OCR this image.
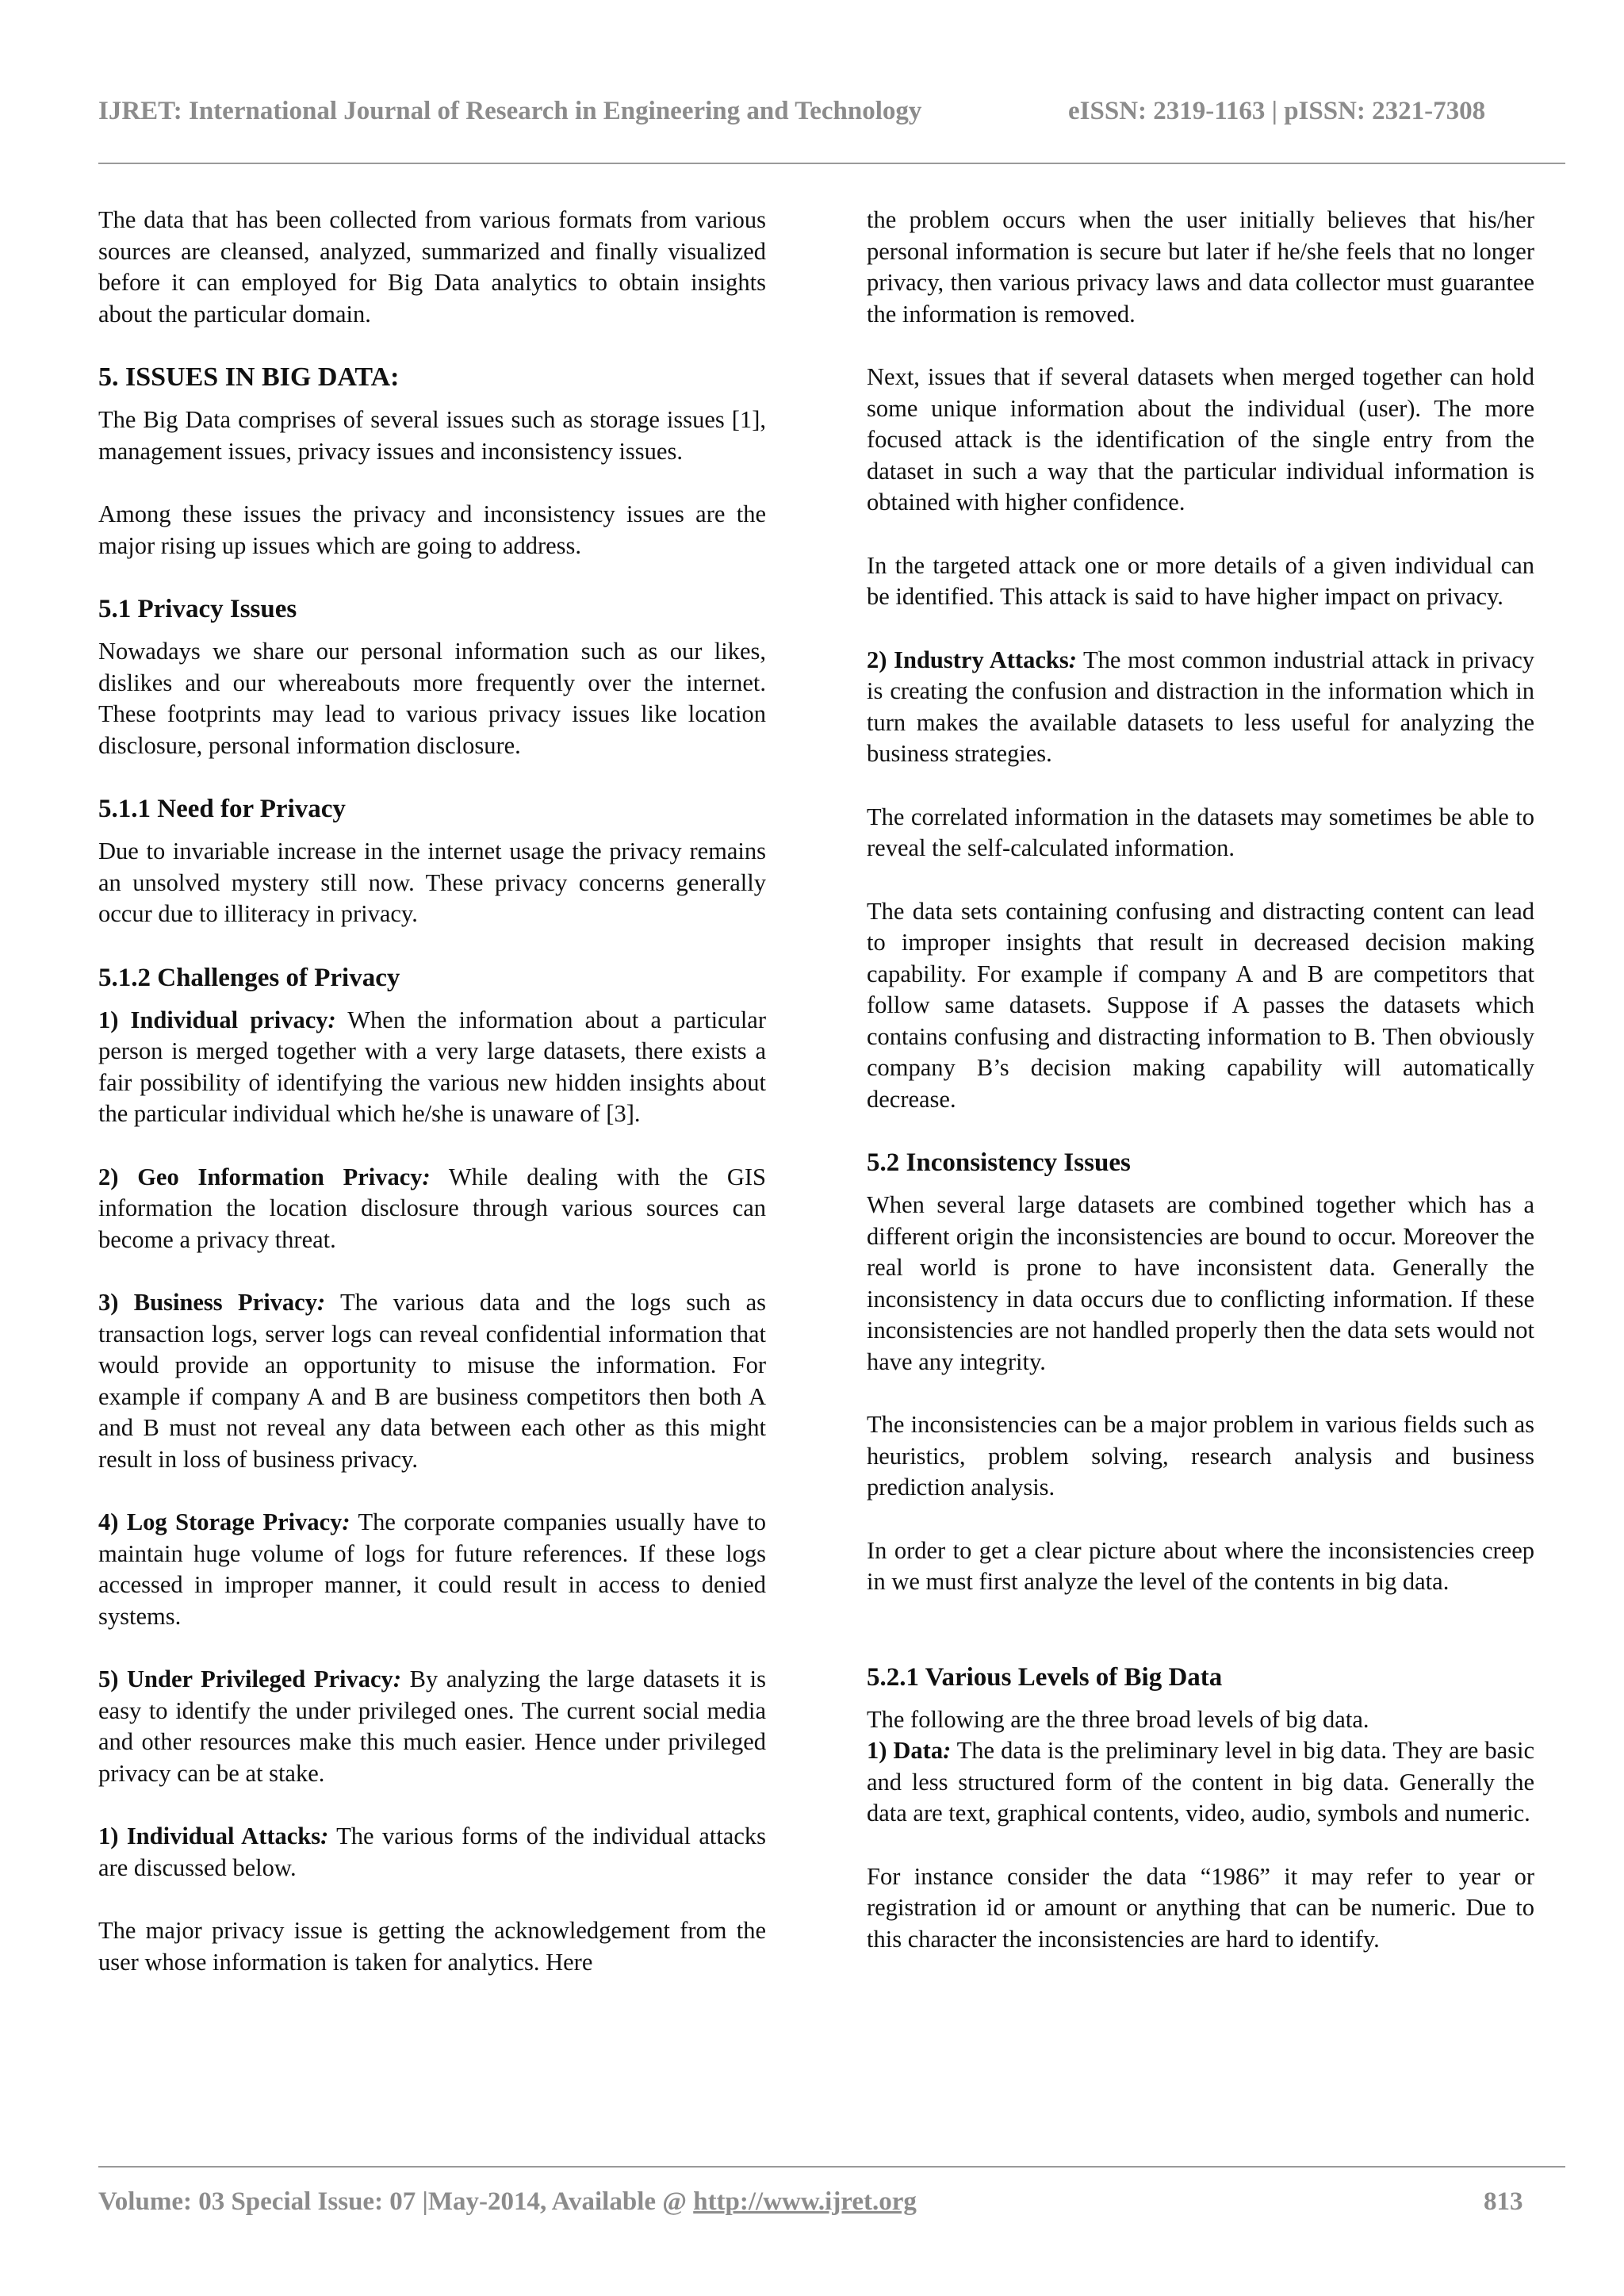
IJRET: International Journal of Research in Engineering and Technology	eISSN: 2319-1163 | pISSN: 2321-7308

The data that has been collected from various formats from various sources are cleansed, analyzed, summarized and finally visualized before it can employed for Big Data analytics to obtain insights about the particular domain.

5. ISSUES IN BIG DATA:

The Big Data comprises of several issues such as storage issues [1], management issues, privacy issues and inconsistency issues.

Among these issues the privacy and inconsistency issues are the major rising up issues which are going to address.

5.1 Privacy Issues

Nowadays we share our personal information such as our likes, dislikes and our whereabouts more frequently over the internet. These footprints may lead to various privacy issues like location disclosure, personal information disclosure.

5.1.1 Need for Privacy

Due to invariable increase in the internet usage the privacy remains an unsolved mystery still now. These privacy concerns generally occur due to illiteracy in privacy.

5.1.2 Challenges of Privacy

1) Individual privacy: When the information about a particular person is merged together with a very large datasets, there exists a fair possibility of identifying the various new hidden insights about the particular individual which he/she is unaware of [3].

2) Geo Information Privacy: While dealing with the GIS information the location disclosure through various sources can become a privacy threat.

3) Business Privacy: The various data and the logs such as transaction logs, server logs can reveal confidential information that would provide an opportunity to misuse the information. For example if company A and B are business competitors then both A and B must not reveal any data between each other as this might result in loss of business privacy.

4) Log Storage Privacy: The corporate companies usually have to maintain huge volume of logs for future references. If these logs accessed in improper manner, it could result in access to denied systems.

5) Under Privileged Privacy: By analyzing the large datasets it is easy to identify the under privileged ones. The current social media and other resources make this much easier. Hence under privileged privacy can be at stake.

1) Individual Attacks: The various forms of the individual attacks are discussed below.

The major privacy issue is getting the acknowledgement from the user whose information is taken for analytics. Here

the problem occurs when the user initially believes that his/her personal information is secure but later if he/she feels that no longer privacy, then various privacy laws and data collector must guarantee the information is removed.

Next, issues that if several datasets when merged together can hold some unique information about the individual (user). The more focused attack is the identification of the single entry from the dataset in such a way that the particular individual information is obtained with higher confidence.

In the targeted attack one or more details of a given individual can be identified. This attack is said to have higher impact on privacy.

2) Industry Attacks: The most common industrial attack in privacy is creating the confusion and distraction in the information which in turn makes the available datasets to less useful for analyzing the business strategies.

The correlated information in the datasets may sometimes be able to reveal the self-calculated information.

The data sets containing confusing and distracting content can lead to improper insights that result in decreased decision making capability. For example if company A and B are competitors that follow same datasets. Suppose if A passes the datasets which contains confusing and distracting information to B. Then obviously company B’s decision making capability will automatically decrease.

5.2 Inconsistency Issues

When several large datasets are combined together which has a different origin the inconsistencies are bound to occur. Moreover the real world is prone to have inconsistent data. Generally the inconsistency in data occurs due to conflicting information. If these inconsistencies are not handled properly then the data sets would not have any integrity.

The inconsistencies can be a major problem in various fields such as heuristics, problem solving, research analysis and business prediction analysis.

In order to get a clear picture about where the inconsistencies creep in we must first analyze the level of the contents in big data.

5.2.1 Various Levels of Big Data

The following are the three broad levels of big data.

1) Data: The data is the preliminary level in big data. They are basic and less structured form of the content in big data. Generally the data are text, graphical contents, video, audio, symbols and numeric.

For instance consider the data “1986” it may refer to year or registration id or amount or anything that can be numeric. Due to this character the inconsistencies are hard to identify.

Volume: 03 Special Issue: 07 |May-2014, Available @ http://www.ijret.org	813
